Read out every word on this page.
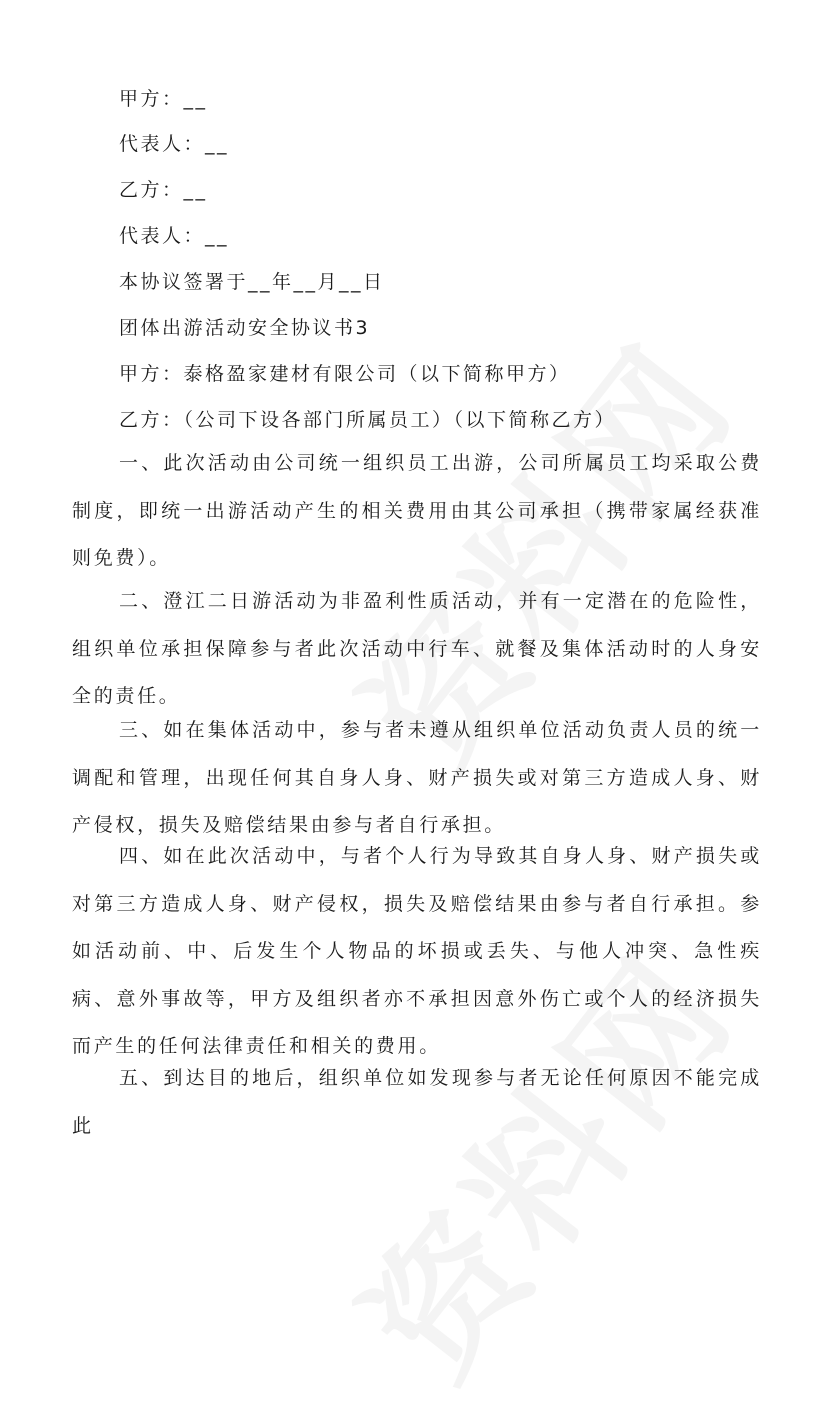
甲方：__
代表人：__
乙方：__
代表人：__
本协议签署于__年__月__日
团体出游活动安全协议书3
甲方：泰格盈家建材有限公司（以下简称甲方）
乙方：（公司下设各部门所属员工）（以下简称乙方）
一、此次活动由公司统一组织员工出游，公司所属员工均采取公费制度，即统一出游活动产生的相关费用由其公司承担（携带家属经获准则免费）。
二、澄江二日游活动为非盈利性质活动，并有一定潜在的危险性，组织单位承担保障参与者此次活动中行车、就餐及集体活动时的人身安全的责任。
三、如在集体活动中，参与者未遵从组织单位活动负责人员的统一调配和管理，出现任何其自身人身、财产损失或对第三方造成人身、财产侵权，损失及赔偿结果由参与者自行承担。
四、如在此次活动中，与者个人行为导致其自身人身、财产损失或对第三方造成人身、财产侵权，损失及赔偿结果由参与者自行承担。参如活动前、中、后发生个人物品的坏损或丢失、与他人冲突、急性疾病、意外事故等，甲方及组织者亦不承担因意外伤亡或个人的经济损失而产生的任何法律责任和相关的费用。
五、到达目的地后，组织单位如发现参与者无论任何原因不能完成此
